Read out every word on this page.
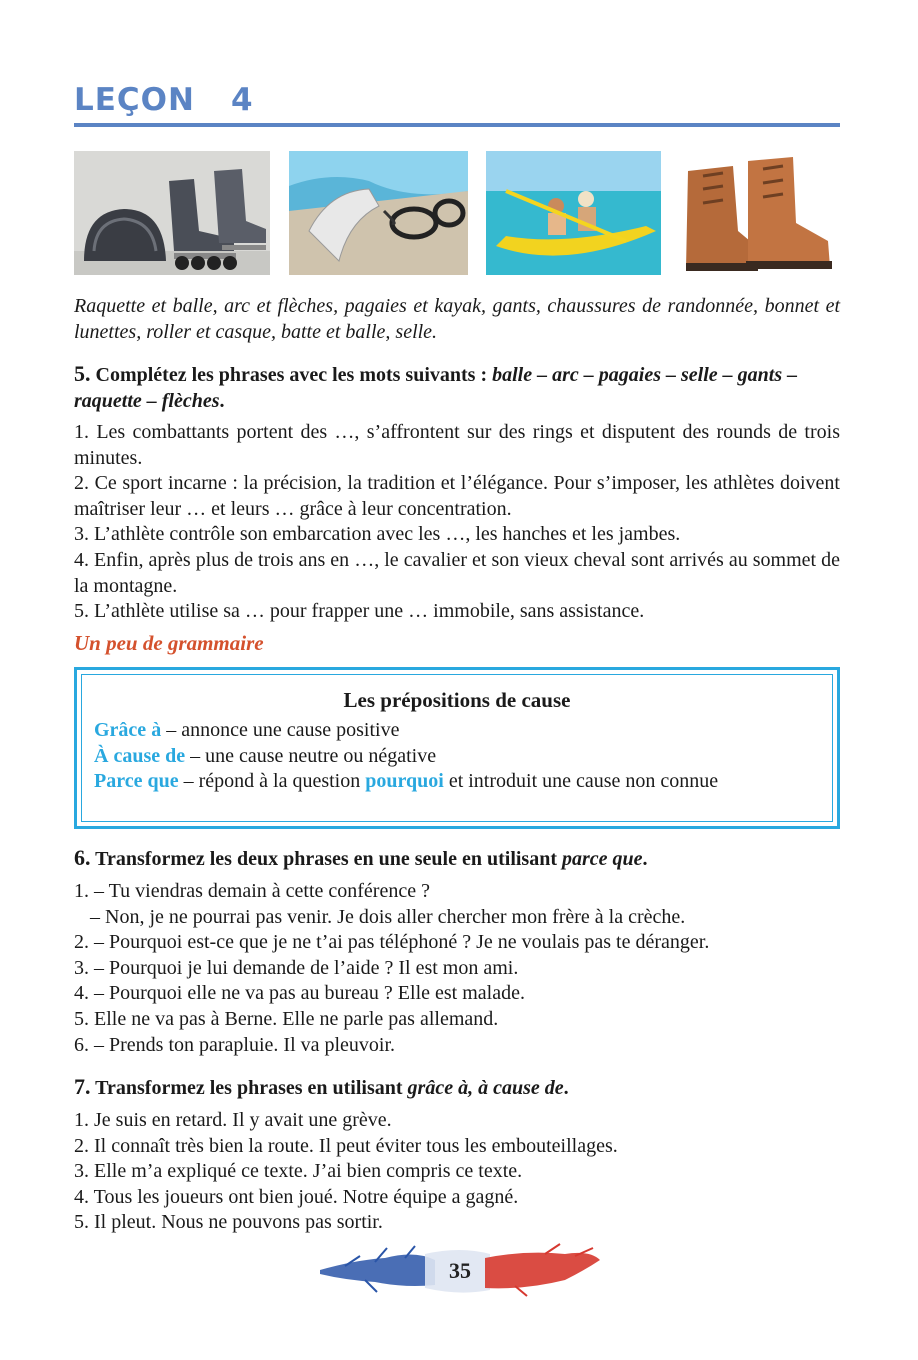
LEÇON 4
Raquette et balle, arc et flèches, pagaies et kayak, gants, chaussures de randonnée, bonnet et lunettes, roller et casque, batte et balle, selle.
5. Complétez les phrases avec les mots suivants : balle – arc – pagaies – selle – gants – raquette – flèches.
1. Les combattants portent des …, s’affrontent sur des rings et disputent des rounds de trois minutes.
2. Ce sport incarne : la précision, la tradition et l’élégance. Pour s’imposer, les athlètes doivent maîtriser leur … et leurs … grâce à leur concentration.
3. L’athlète contrôle son embarcation avec les …, les hanches et les jambes.
4. Enfin, après plus de trois ans en …, le cavalier et son vieux cheval sont arrivés au sommet de la montagne.
5. L’athlète utilise sa … pour frapper une … immobile, sans assistance.
Un peu de grammaire
Les prépositions de cause
Grâce à – annonce une cause positive
À cause de – une cause neutre ou négative
Parce que – répond à la question pourquoi et introduit une cause non connue
6. Transformez les deux phrases en une seule en utilisant parce que.
1. – Tu viendras demain à cette conférence ?
– Non, je ne pourrai pas venir. Je dois aller chercher mon frère à la crèche.
2. – Pourquoi est-ce que je ne t’ai pas téléphoné ? Je ne voulais pas te déranger.
3. – Pourquoi je lui demande de l’aide ? Il est mon ami.
4. – Pourquoi elle ne va pas au bureau ? Elle est malade.
5. Elle ne va pas à Berne. Elle ne parle pas allemand.
6. – Prends ton parapluie. Il va pleuvoir.
7. Transformez les phrases en utilisant grâce à, à cause de.
1. Je suis en retard. Il y avait une grève.
2. Il connaît très bien la route. Il peut éviter tous les embouteillages.
3. Elle m’a expliqué ce texte. J’ai bien compris ce texte.
4. Tous les joueurs ont bien joué. Notre équipe a gagné.
5. Il pleut. Nous ne pouvons pas sortir.
35
